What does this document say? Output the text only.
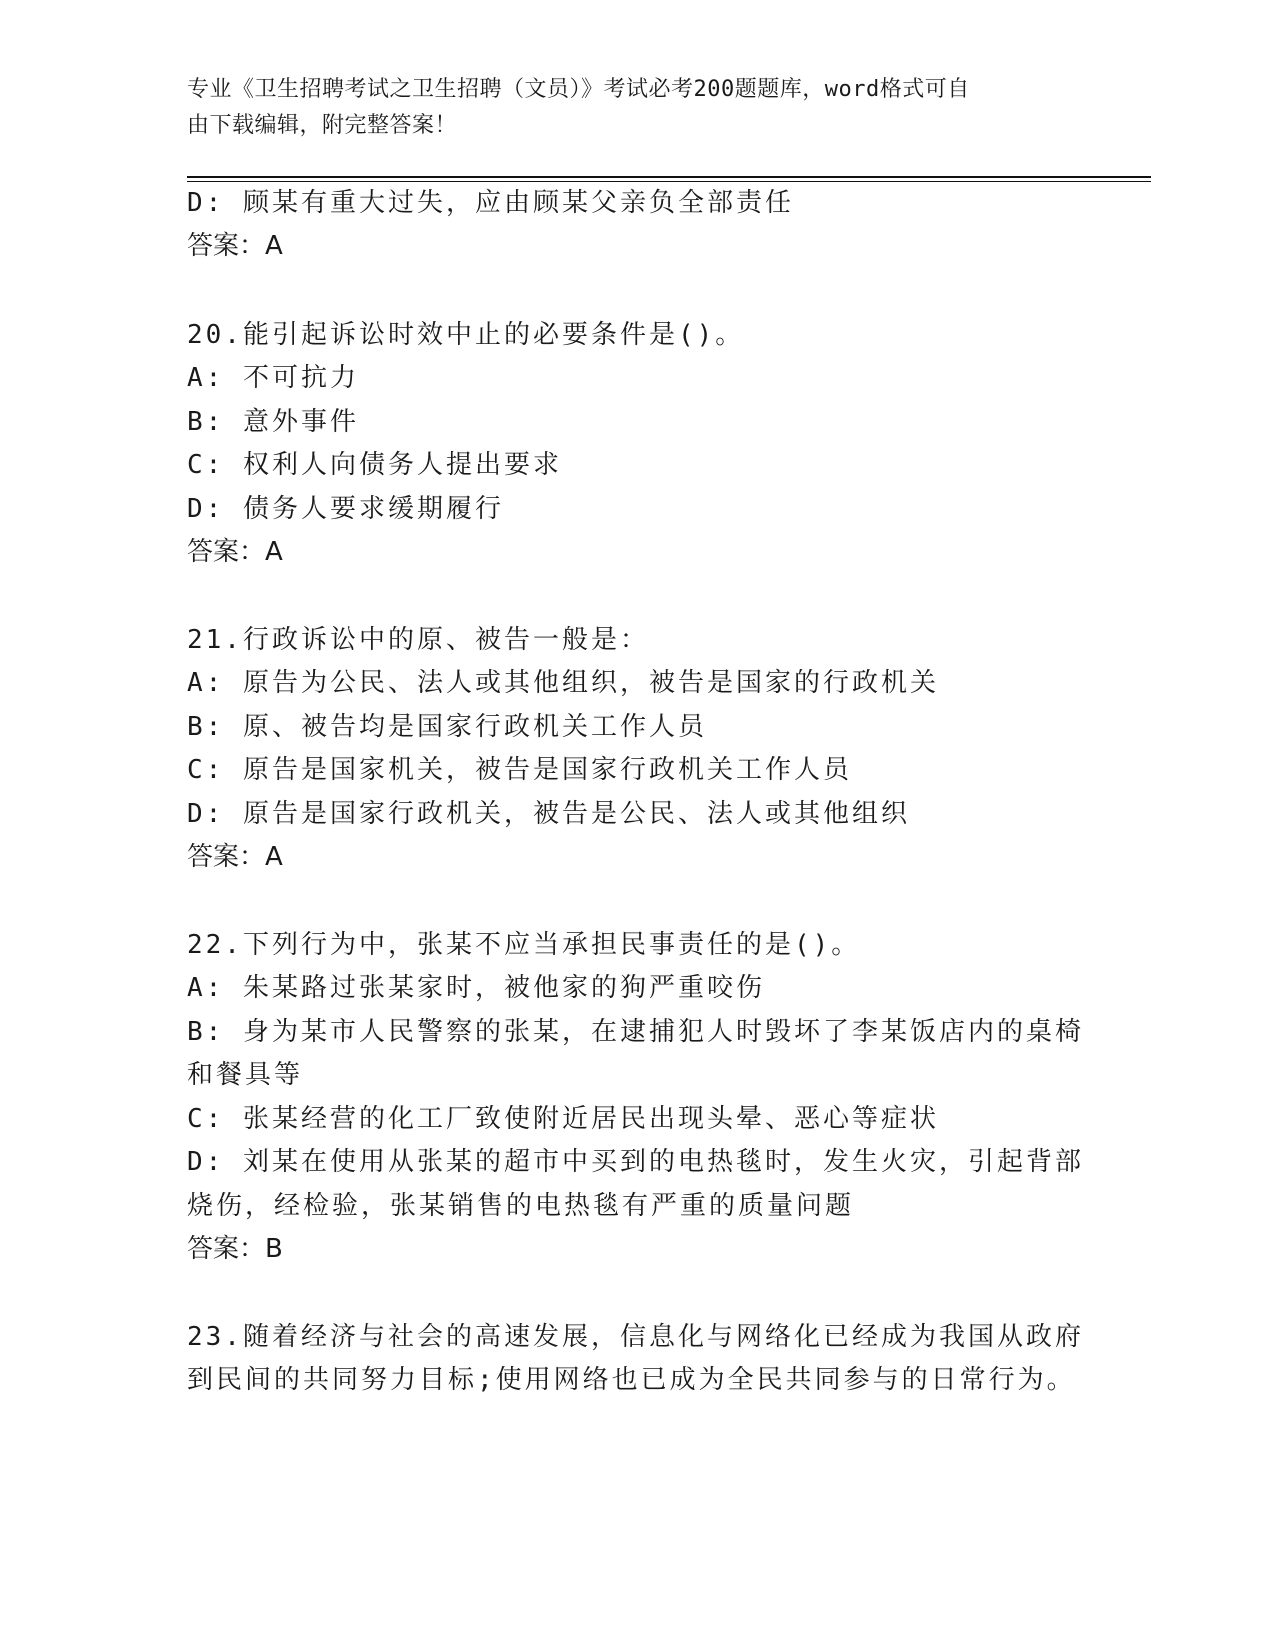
专业《卫生招聘考试之卫生招聘（文员）》考试必考200题题库，word格式可自
由下载编辑，附完整答案！
D: 顾某有重大过失，应由顾某父亲负全部责任
答案：A
20.能引起诉讼时效中止的必要条件是()。
A: 不可抗力
B: 意外事件
C: 权利人向债务人提出要求
D: 债务人要求缓期履行
答案：A
21.行政诉讼中的原、被告一般是：
A: 原告为公民、法人或其他组织，被告是国家的行政机关
B: 原、被告均是国家行政机关工作人员
C: 原告是国家机关，被告是国家行政机关工作人员
D: 原告是国家行政机关，被告是公民、法人或其他组织
答案：A
22.下列行为中，张某不应当承担民事责任的是()。
A: 朱某路过张某家时，被他家的狗严重咬伤
B: 身为某市人民警察的张某，在逮捕犯人时毁坏了李某饭店内的桌椅
和餐具等
C: 张某经营的化工厂致使附近居民出现头晕、恶心等症状
D: 刘某在使用从张某的超市中买到的电热毯时，发生火灾，引起背部
烧伤，经检验，张某销售的电热毯有严重的质量问题
答案：B
23.随着经济与社会的高速发展，信息化与网络化已经成为我国从政府
到民间的共同努力目标;使用网络也已成为全民共同参与的日常行为。
